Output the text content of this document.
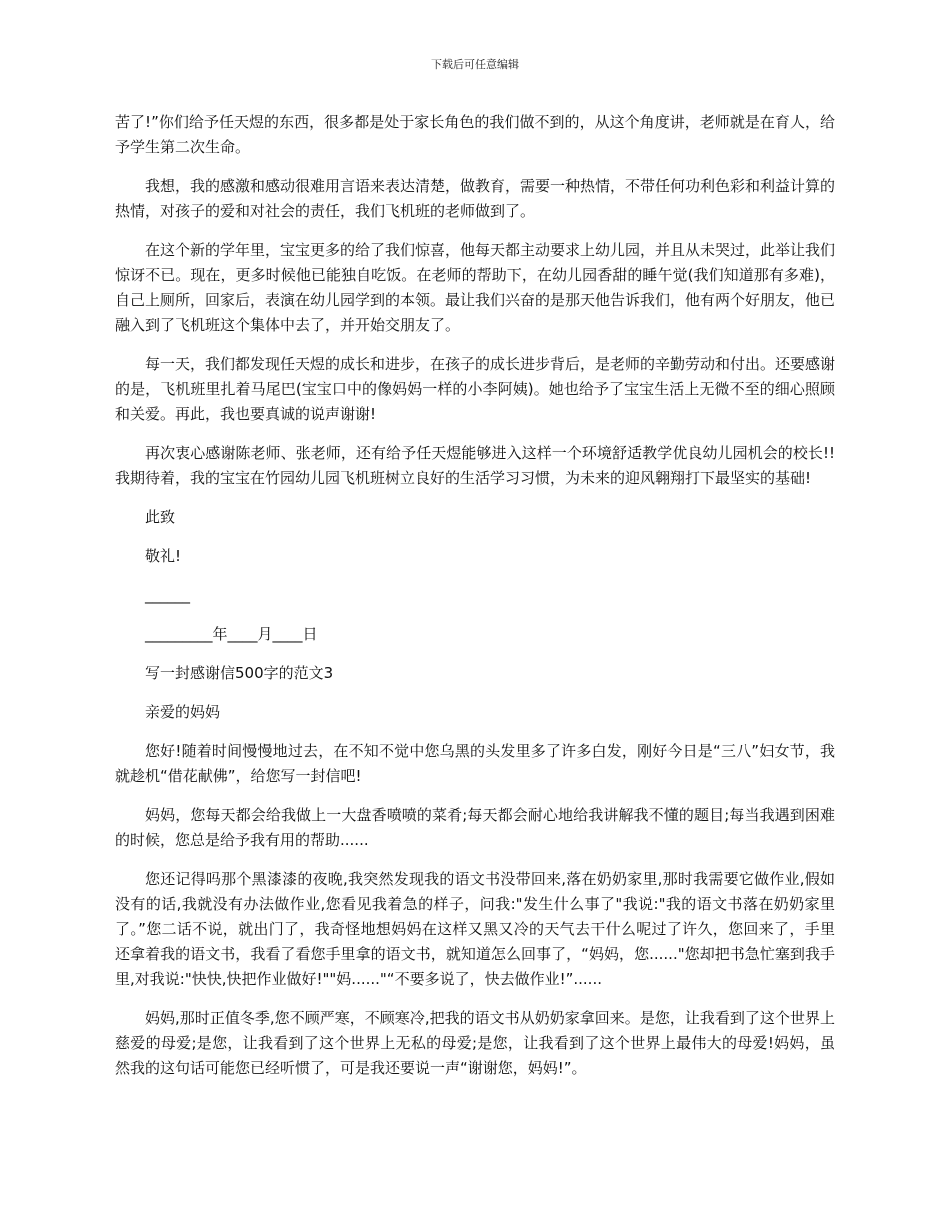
下载后可任意编辑

苦了!”你们给予任天煜的东西，很多都是处于家长角色的我们做不到的，从这个角度讲，老师就是在育人，给予学生第二次生命。

我想，我的感激和感动很难用言语来表达清楚，做教育，需要一种热情，不带任何功利色彩和利益计算的热情，对孩子的爱和对社会的责任，我们飞机班的老师做到了。

在这个新的学年里，宝宝更多的给了我们惊喜，他每天都主动要求上幼儿园，并且从未哭过，此举让我们惊讶不已。现在，更多时候他已能独自吃饭。在老师的帮助下，在幼儿园香甜的睡午觉(我们知道那有多难)，自己上厕所，回家后，表演在幼儿园学到的本领。最让我们兴奋的是那天他告诉我们，他有两个好朋友，他已融入到了飞机班这个集体中去了，并开始交朋友了。

每一天，我们都发现任天煜的成长和进步，在孩子的成长进步背后，是老师的辛勤劳动和付出。还要感谢的是，飞机班里扎着马尾巴(宝宝口中的像妈妈一样的小李阿姨)。她也给予了宝宝生活上无微不至的细心照顾和关爱。再此，我也要真诚的说声谢谢!

再次衷心感谢陈老师、张老师，还有给予任天煜能够进入这样一个环境舒适教学优良幼儿园机会的校长!!我期待着，我的宝宝在竹园幼儿园飞机班树立良好的生活学习习惯，为未来的迎风翱翔打下最坚实的基础!

此致

敬礼!

______

_________年____月____日

写一封感谢信500字的范文3

亲爱的妈妈

您好!随着时间慢慢地过去，在不知不觉中您乌黑的头发里多了许多白发，刚好今日是“三八”妇女节，我就趁机“借花献佛”，给您写一封信吧!

妈妈，您每天都会给我做上一大盘香喷喷的菜肴;每天都会耐心地给我讲解我不懂的题目;每当我遇到困难的时候，您总是给予我有用的帮助......

您还记得吗那个黑漆漆的夜晚,我突然发现我的语文书没带回来,落在奶奶家里,那时我需要它做作业,假如没有的话,我就没有办法做作业,您看见我着急的样子，问我:"发生什么事了"我说:"我的语文书落在奶奶家里了。”您二话不说，就出门了，我奇怪地想妈妈在这样又黑又冷的天气去干什么呢过了许久，您回来了，手里还拿着我的语文书，我看了看您手里拿的语文书，就知道怎么回事了，“妈妈，您......"您却把书急忙塞到我手里,对我说:"快快,快把作业做好!""妈......"“不要多说了，快去做作业!”......

妈妈,那时正值冬季,您不顾严寒，不顾寒冷,把我的语文书从奶奶家拿回来。是您，让我看到了这个世界上慈爱的母爱;是您，让我看到了这个世界上无私的母爱;是您，让我看到了这个世界上最伟大的母爱!妈妈，虽然我的这句话可能您已经听惯了，可是我还要说一声“谢谢您，妈妈!”。
